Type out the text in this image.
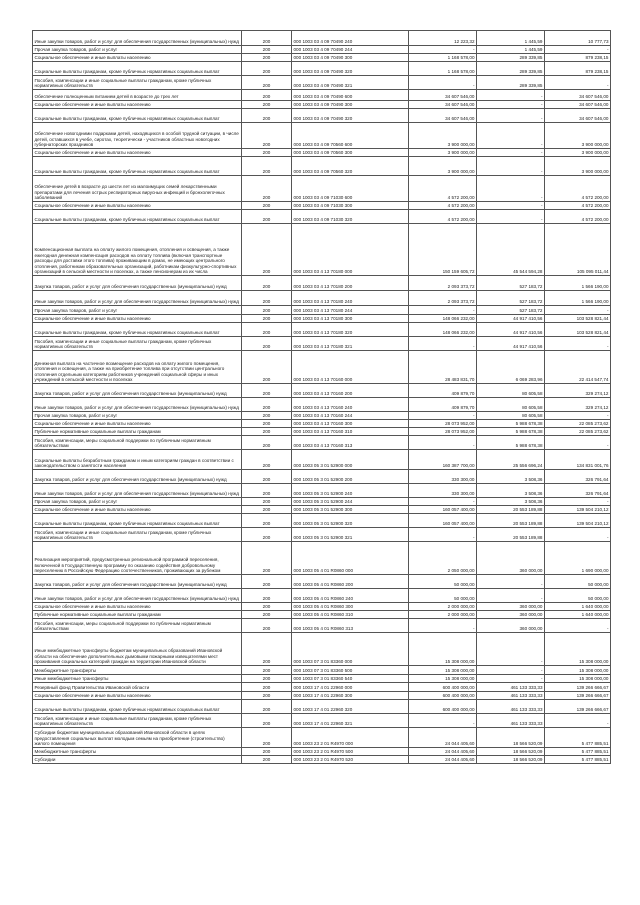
Иные закупки товаров, работ и услуг для обеспечения государственных (муниципальных) нужд	200	000 1003 03 4 09 70490 240	12 223,32	1 445,59	10 777,73
Прочая закупка товаров, работ и услуг	200	000 1003 03 4 09 70490 244	-	1 445,59	-
Социальное обеспечение и иные выплаты населению	200	000 1003 03 4 09 70490 300	1 168 578,00	289 339,85	879 238,15
Социальные выплаты гражданам, кроме публичных нормативных социальных выплат	200	000 1003 03 4 09 70490 320	1 168 578,00	289 339,85	879 238,15
Пособия, компенсации и иные социальные выплаты гражданам, кроме публичных нормативных обязательств	200	000 1003 03 4 09 70490 321	-	289 339,85	-
Обеспечение полноценным питанием детей в возрасте до трех лет	200	000 1003 03 4 09 70490 600	34 607 546,00	-	34 607 546,00
Социальное обеспечение и иные выплаты населению	200	000 1003 03 4 09 70490 300	34 607 546,00	-	34 607 546,00
Социальные выплаты гражданам, кроме публичных нормативных социальных выплат	200	000 1003 03 4 09 70490 320	34 607 546,00	-	34 607 546,00
Обеспечение новогодними подарками детей, находящихся в особой трудной ситуации, в числе детей, оставшихся в учебе, сиротах, теоретически - участников областных новогодних губернаторских праздников	200	000 1003 03 4 09 70560 600	3 900 000,00	-	3 900 000,00
Социальное обеспечение и иные выплаты населению	200	000 1003 03 4 09 70560 300	3 900 000,00	-	3 900 000,00
Социальные выплаты гражданам, кроме публичных нормативных социальных выплат	200	000 1003 03 4 09 70560 320	3 900 000,00	-	3 900 000,00
Обеспечение детей в возрасте до шести лет из малоимущих семей лекарственными препаратами для лечения острых респираторных вирусных инфекций и бронхолегочных заболеваний	200	000 1003 03 4 09 71030 600	4 572 200,00	-	4 572 200,00
Социальное обеспечение и иные выплаты населению	200	000 1003 03 4 09 71030 300	4 572 200,00	-	4 572 200,00
Социальные выплаты гражданам, кроме публичных нормативных социальных выплат	200	000 1003 03 4 09 71030 320	4 572 200,00	-	4 572 200,00
Компенсационная выплата на оплату жилого помещения, отопления и освещения, а также ежегодная денежная компенсация расходов на оплату топлива (включая транспортные расходы для доставки этого топлива) проживающим в домах, не имеющих центрального отопления, работникам образовательных организаций, работникам физкультурно-спортивных организаций в сельской местности и поселках, а также пенсионерам из их числа	200	000 1003 03 4 13 70180 000	150 159 605,72	45 544 594,28	105 095 011,44
Закупка товаров, работ и услуг для обеспечения государственных (муниципальных) нужд	200	000 1003 03 4 13 70180 200	2 093 373,72	527 183,72	1 566 190,00
Иные закупки товаров, работ и услуг для обеспечения государственных (муниципальных) нужд	200	000 1003 03 4 13 70180 240	2 093 373,72	527 183,72	1 566 190,00
Прочая закупка товаров, работ и услуг	200	000 1003 03 4 13 70180 244	-	527 183,72	-
Социальное обеспечение и иные выплаты населению	200	000 1003 03 4 13 70180 300	148 066 232,00	44 917 410,56	103 528 821,44
Социальные выплаты гражданам, кроме публичных нормативных социальных выплат	200	000 1003 03 4 13 70180 320	148 066 232,00	44 917 410,56	103 528 821,44
Пособия, компенсации и иные социальные выплаты гражданам, кроме публичных нормативных обязательств	200	000 1003 03 4 13 70180 321	-	44 917 410,56	-
Денежная выплата на частичное возмещение расходов на оплату жилого помещения, отопления и освещения, а также на приобретение топлива при отсутствии центрального отопления отдельным категориям работников учреждений социальной сферы и иных учреждений в сельской местности и поселках	200	000 1003 03 4 13 70160 000	28 483 831,70	6 069 283,96	22 414 547,74
Закупка товаров, работ и услуг для обеспечения государственных (муниципальных) нужд	200	000 1003 03 4 13 70160 200	409 879,70	80 605,58	329 274,12
Иные закупки товаров, работ и услуг для обеспечения государственных (муниципальных) нужд	200	000 1003 03 4 13 70160 240	409 879,70	80 605,58	329 274,12
Прочая закупка товаров, работ и услуг	200	000 1003 03 4 13 70160 244	-	80 605,58	-
Социальное обеспечение и иные выплаты населению	200	000 1003 03 4 13 70160 300	28 073 952,00	5 988 678,38	22 085 273,62
Публичные нормативные социальные выплаты гражданам	200	000 1003 03 4 13 70160 310	28 073 952,00	5 988 678,38	22 085 273,62
Пособия, компенсации, меры социальной поддержки по публичным нормативным обязательствам	200	000 1003 03 4 13 70160 313	-	5 988 678,38	-
Социальные выплаты безработным гражданам и иным категориям граждан в соответствии с законодательством о занятости населения	200	000 1003 05 3 01 52900 000	160 387 700,00	25 556 696,24	134 831 001,76
Закупка товаров, работ и услуг для обеспечения государственных (муниципальных) нужд	200	000 1003 05 3 01 52900 200	330 300,00	3 508,36	326 791,64
Иные закупки товаров, работ и услуг для обеспечения государственных (муниципальных) нужд	200	000 1003 05 3 01 52900 240	330 300,00	3 508,36	326 791,64
Прочая закупка товаров, работ и услуг	200	000 1003 05 3 01 52900 244	-	3 508,36	-
Социальное обеспечение и иные выплаты населению	200	000 1003 05 3 01 52900 300	160 057 400,00	20 553 189,88	139 504 210,12
Социальные выплаты гражданам, кроме публичных нормативных социальных выплат	200	000 1003 05 3 01 52900 320	160 057 400,00	20 553 189,88	139 504 210,12
Пособия, компенсации и иные социальные выплаты гражданам, кроме публичных нормативных обязательств	200	000 1003 05 3 01 52900 321	-	20 553 189,88	-
Реализация мероприятий, предусмотренных региональной программой переселения, включенной в Государственную программу по оказанию содействия добровольному переселению в Российскую Федерацию соотечественников, проживающих за рубежом	200	000 1003 05 4 01 R0860 000	2 050 000,00	360 000,00	1 690 000,00
Закупка товаров, работ и услуг для обеспечения государственных (муниципальных) нужд	200	000 1003 05 4 01 R0860 200	50 000,00	-	50 000,00
Иные закупки товаров, работ и услуг для обеспечения государственных (муниципальных) нужд	200	000 1003 05 4 01 R0860 240	50 000,00	-	50 000,00
Социальное обеспечение и иные выплаты населению	200	000 1003 05 4 01 R0860 300	2 000 000,00	360 000,00	1 640 000,00
Публичные нормативные социальные выплаты гражданам	200	000 1003 05 4 01 R0860 310	2 000 000,00	360 000,00	1 640 000,00
Пособия, компенсации, меры социальной поддержки по публичным нормативным обязательствам	200	000 1003 05 4 01 R0860 313	-	360 000,00	-
Иные межбюджетные трансферты бюджетам муниципальных образований Ивановской области на обеспечение дополнительных дымовыми пожарными извещателями мест проживания социальных категорий граждан на территории Ивановской области	200	000 1003 07 3 01 83360 000	15 308 000,00	-	15 308 000,00
Межбюджетные трансферты	200	000 1003 07 3 01 83360 500	15 308 000,00	-	15 308 000,00
Иные межбюджетные трансферты	200	000 1003 07 3 01 83360 540	15 308 000,00	-	15 308 000,00
Резервный фонд Правительства Ивановской области	200	000 1003 17 4 01 22960 000	600 400 000,00	461 133 333,33	139 266 666,67
Социальное обеспечение и иные выплаты населению	200	000 1003 17 4 01 22960 300	600 400 000,00	461 133 333,33	139 266 666,67
Социальные выплаты гражданам, кроме публичных нормативных социальных выплат	200	000 1003 17 4 01 22960 320	600 400 000,00	461 133 333,33	139 266 666,67
Пособия, компенсации и иные социальные выплаты гражданам, кроме публичных нормативных обязательств	200	000 1003 17 4 01 22960 321	-	461 133 333,33	-
Субсидии бюджетам муниципальных образований Ивановской области в целях предоставления социальных выплат молодым семьям на приобретение (строительство) жилого помещения	200	000 1003 23 2 01 R4970 000	24 044 405,60	18 566 520,09	5 477 885,51
Межбюджетные трансферты	200	000 1003 23 2 01 R4970 500	24 044 405,60	18 566 520,09	5 477 885,51
Субсидии	200	000 1003 23 2 01 R4970 520	24 044 405,60	18 566 520,09	5 477 885,51
